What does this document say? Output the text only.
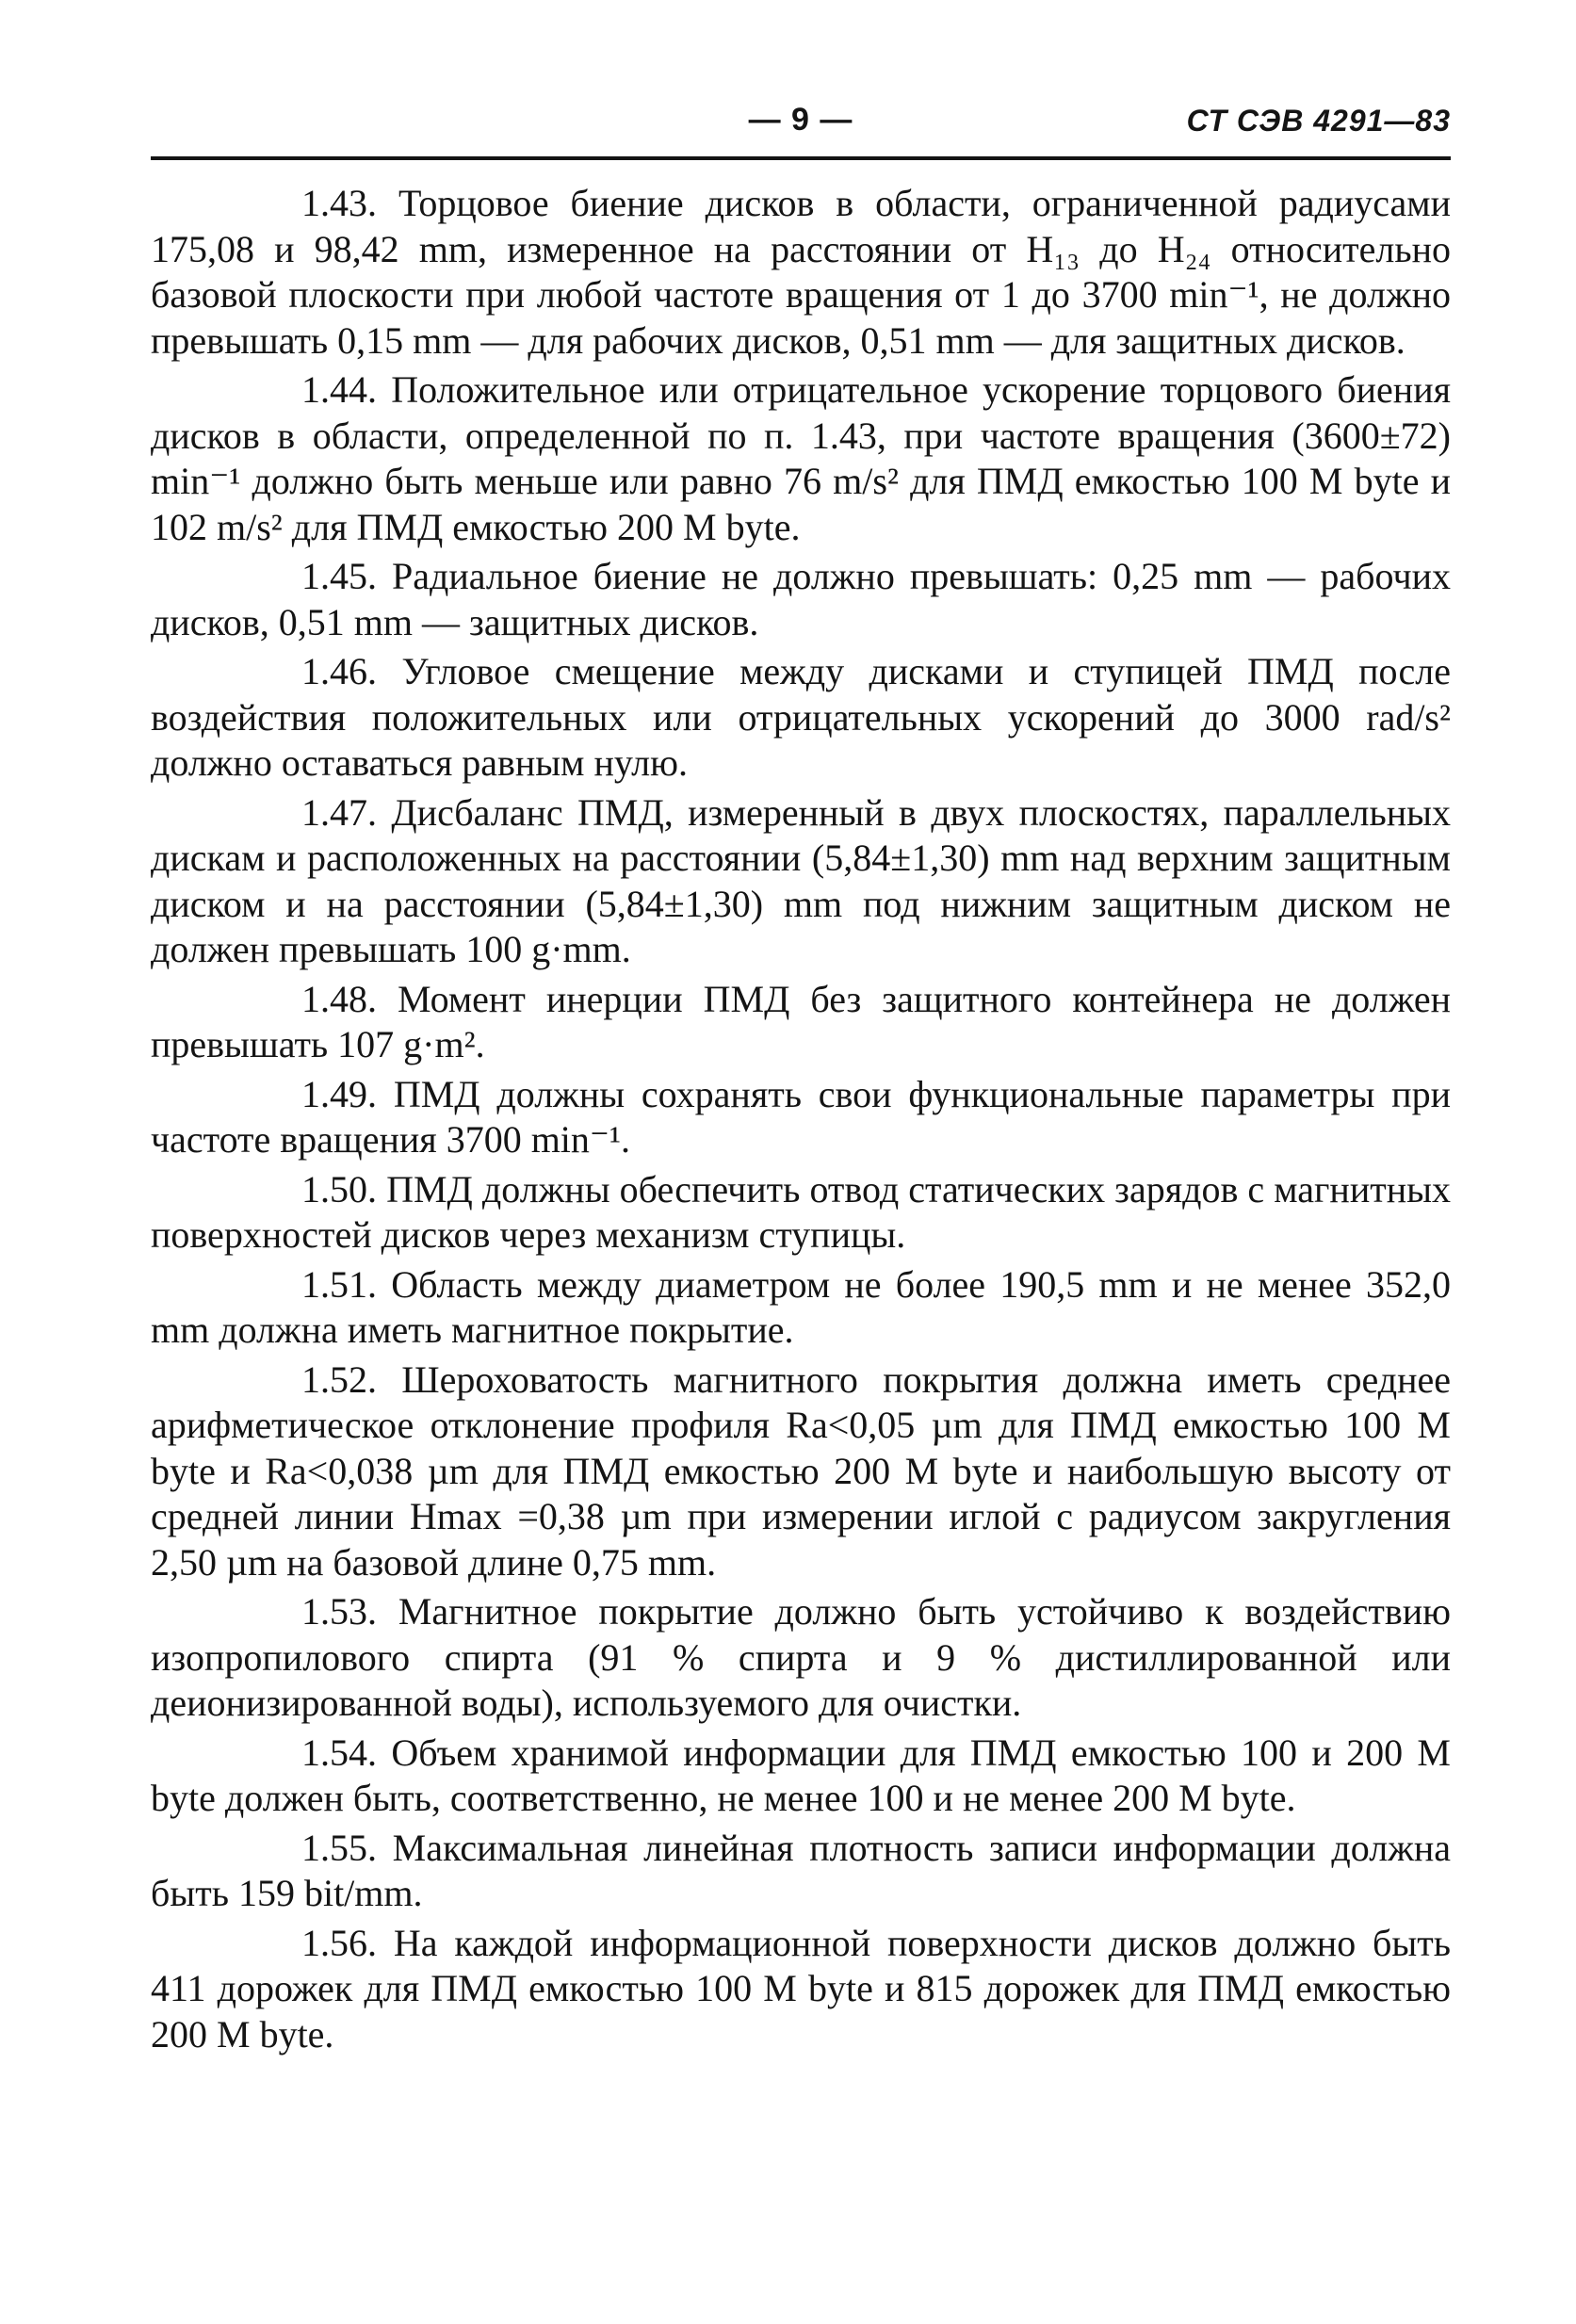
— 9 —	СТ СЭВ 4291—83

1.43. Торцовое биение дисков в области, ограниченной радиусами 175,08 и 98,42 mm, измеренное на расстоянии от H₁₃ до H₂₄ относительно базовой плоскости при любой частоте вращения от 1 до 3700 min⁻¹, не должно превышать 0,15 mm — для рабочих дисков, 0,51 mm — для защитных дисков.

1.44. Положительное или отрицательное ускорение торцового биения дисков в области, определенной по п. 1.43, при частоте вращения (3600±72) min⁻¹ должно быть меньше или равно 76 m/s² для ПМД емкостью 100 M byte и 102 m/s² для ПМД емкостью 200 M byte.

1.45. Радиальное биение не должно превышать: 0,25 mm — рабочих дисков, 0,51 mm — защитных дисков.

1.46. Угловое смещение между дисками и ступицей ПМД после воздействия положительных или отрицательных ускорений до 3000 rad/s² должно оставаться равным нулю.

1.47. Дисбаланс ПМД, измеренный в двух плоскостях, параллельных дискам и расположенных на расстоянии (5,84±1,30) mm над верхним защитным диском и на расстоянии (5,84±1,30) mm под нижним защитным диском не должен превышать 100 g·mm.

1.48. Момент инерции ПМД без защитного контейнера не должен превышать 107 g·m².

1.49. ПМД должны сохранять свои функциональные параметры при частоте вращения 3700 min⁻¹.

1.50. ПМД должны обеспечить отвод статических зарядов с магнитных поверхностей дисков через механизм ступицы.

1.51. Область между диаметром не более 190,5 mm и не менее 352,0 mm должна иметь магнитное покрытие.

1.52. Шероховатость магнитного покрытия должна иметь среднее арифметическое отклонение профиля Ra<0,05 µm для ПМД емкостью 100 M byte и Ra<0,038 µm для ПМД емкостью 200 M byte и наибольшую высоту от средней линии Hmax =0,38 µm при измерении иглой с радиусом закругления 2,50 µm на базовой длине 0,75 mm.

1.53. Магнитное покрытие должно быть устойчиво к воздействию изопропилового спирта (91 % спирта и 9 % дистиллированной или деионизированной воды), используемого для очистки.

1.54. Объем хранимой информации для ПМД емкостью 100 и 200 M byte должен быть, соответственно, не менее 100 и не менее 200 M byte.

1.55. Максимальная линейная плотность записи информации должна быть 159 bit/mm.

1.56. На каждой информационной поверхности дисков должно быть 411 дорожек для ПМД емкостью 100 M byte и 815 дорожек для ПМД емкостью 200 M byte.
